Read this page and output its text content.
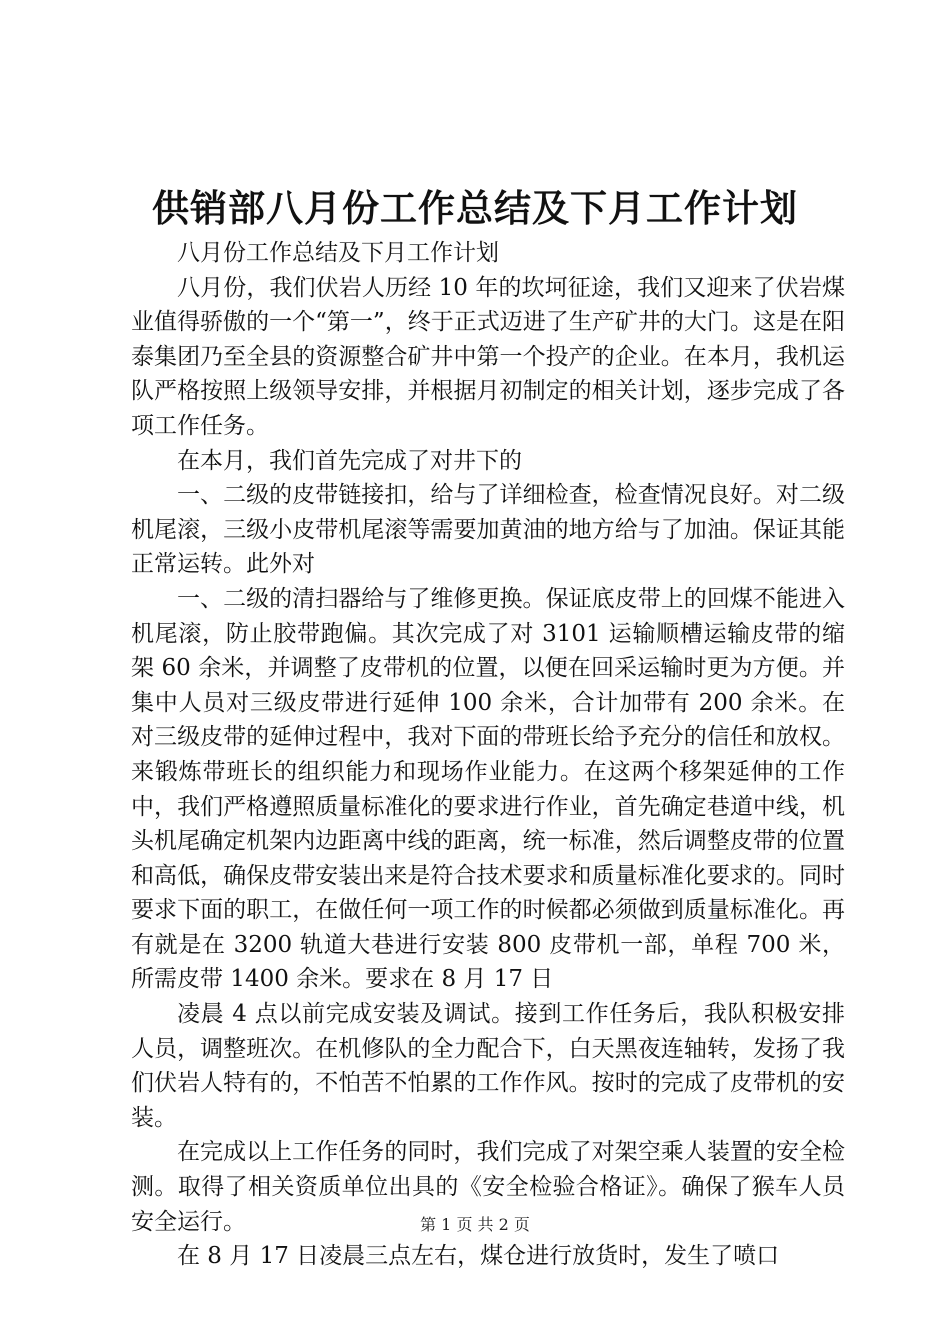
供销部八月份工作总结及下月工作计划

八月份工作总结及下月工作计划

八月份，我们伏岩人历经 10 年的坎坷征途，我们又迎来了伏岩煤业值得骄傲的一个“第一”，终于正式迈进了生产矿井的大门。这是在阳泰集团乃至全县的资源整合矿井中第一个投产的企业。在本月，我机运队严格按照上级领导安排，并根据月初制定的相关计划，逐步完成了各项工作任务。

在本月，我们首先完成了对井下的

一、二级的皮带链接扣，给与了详细检查，检查情况良好。对二级机尾滚，三级小皮带机尾滚等需要加黄油的地方给与了加油。保证其能正常运转。此外对

一、二级的清扫器给与了维修更换。保证底皮带上的回煤不能进入机尾滚，防止胶带跑偏。其次完成了对 3101 运输顺槽运输皮带的缩架 60 余米，并调整了皮带机的位置，以便在回采运输时更为方便。并集中人员对三级皮带进行延伸 100 余米，合计加带有 200 余米。在对三级皮带的延伸过程中，我对下面的带班长给予充分的信任和放权。来锻炼带班长的组织能力和现场作业能力。在这两个移架延伸的工作中，我们严格遵照质量标准化的要求进行作业，首先确定巷道中线，机头机尾确定机架内边距离中线的距离，统一标准，然后调整皮带的位置和高低，确保皮带安装出来是符合技术要求和质量标准化要求的。同时要求下面的职工，在做任何一项工作的时候都必须做到质量标准化。再有就是在 3200 轨道大巷进行安装 800 皮带机一部，单程 700 米，所需皮带 1400 余米。要求在 8 月 17 日

凌晨 4 点以前完成安装及调试。接到工作任务后，我队积极安排人员，调整班次。在机修队的全力配合下，白天黑夜连轴转，发扬了我们伏岩人特有的，不怕苦不怕累的工作作风。按时的完成了皮带机的安装。

在完成以上工作任务的同时，我们完成了对架空乘人装置的安全检测。取得了相关资质单位出具的《安全检验合格证》。确保了猴车人员安全运行。

在 8 月 17 日凌晨三点左右，煤仓进行放货时，发生了喷口

第 1 页 共 2 页
